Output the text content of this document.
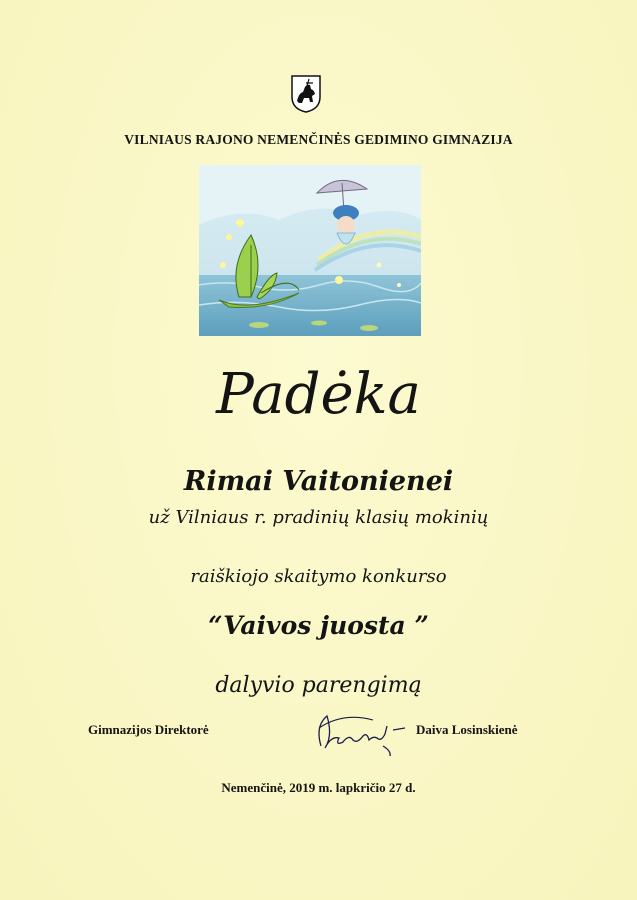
VILNIAUS RAJONO NEMENČINĖS GEDIMINO GIMNAZIJA
Padėka
Rimai Vaitonienei
už Vilniaus r. pradinių klasių mokinių
raiškiojo skaitymo konkurso
“Vaivos juosta ”
dalyvio parengimą
Gimnazijos Direktorė	Daiva Losinskienė
Nemenčinė, 2019 m. lapkričio 27 d.
